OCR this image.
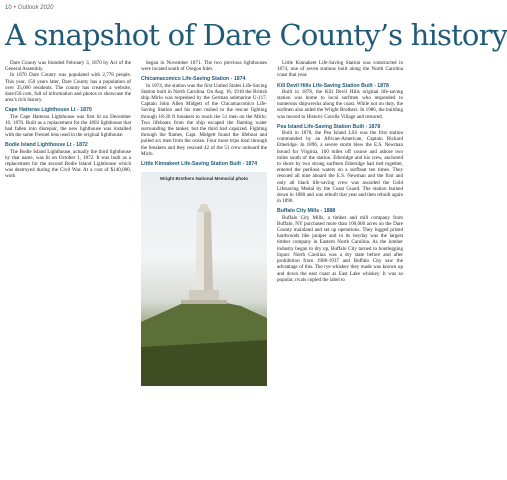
10 • Outlook 2020
A snapshot of Dare County’s history

Dare County was founded February 3, 1870 by Act of the General Assembly.

In 1870 Dare County was populated with 2,778 people. This year, 150 years later, Dare County has a population of over 35,000 residents. The county has created a website, dare150.com, full of information and photos to showcase the area’s rich history.

Cape Hatteras Lighthouse Lt - 1870

The Cape Hatteras Lighthouse was first lit on December 16, 1870. Built as a replacement for the 1803 lighthouse that had fallen into disrepair, the new lighthouse was installed with the same Fresnel lens used in the original lighthouse.

Bodie Island Lighthouse Lt - 1872

The Bodie Island Lighthouse, actually the third lighthouse by that name, was lit on October 1, 1872. It was built as a replacement for the second Bodie Island Lighthouse which was destroyed during the Civil War. At a cost of $140,000, work

began in November 1871. The two previous lighthouses were located south of Oregon Inlet.

Chicamacomico Life-Saving Station - 1874

In 1874, the station was the first United States Life-Saving Station built in North Carolina. On Aug. 16, 1918 the British ship Mirlo was torpedoed by the German submarine U-117. Captain John Allen Midgett of the Chicamacomico Life-Saving Station and his men rushed to the rescue fighting through 18-20 ft breakers to reach the 51 men on the Mirlo. Two lifeboats from the ship escaped the flaming water surrounding the tanker, but the third had capsized. Fighting through the flames, Capt. Midgett found the lifeboat and pulled six men from the ocean. Four more trips total through the breakers and they rescued 42 of the 51 crew onboard the Mirlo.

Little Kinnakeet Life-Saving Station Built - 1874
Wright Brothers National Memorial photo

Little Kinnakeet Life-Saving Station was constructed in 1874, one of seven stations built along the North Carolina coast that year.

Kill Devil Hills Life-Saving Station Built - 1878

Built in 1878, the Kill Devil Hills original life-saving station was home to local surfmen who responded to numerous shipwrecks along the coast. While not on duty, the surfmen also aided the Wright Brothers. In 1986, the building was moved to Historic Corolla Village and restored.

Pea Island Life-Saving Station Built - 1878

Built in 1878, the Pea Island LSS was the first station commanded by an African-American, Captain Richard Etheridge. In 1896, a severe storm blew the E.S. Newman bound for Virginia, 100 miles off course and ashore two miles south of the station. Etheridge and his crew, anchored to shore by two strong surfmen Etheridge had tied together, entered the perilous waters on a surfboat ten times. They rescued all nine aboard the E.S. Newman and the first and only all black life-saving crew was awarded the Gold Lifesaving Medal by the Coast Guard. The station burned down in 1880 and was rebuilt that year and then rebuilt again in 1896.

Buffalo City Mills - 1888

Buffalo City Mills, a timber and mill company from Buffalo, NY purchased more than 100,000 acres on the Dare County mainland and set up operations. They logged prized hardwoods like juniper and in its heyday was the largest timber company in Eastern North Carolina. As the lumber industry began to dry up, Buffalo City turned to bootlegging liquor. North Carolina was a dry state before and after prohibition from 1908-1937 and Buffalo City saw the advantage of this. The rye whiskey they made was known up and down the east coast as East Lake whiskey. It was so popular, rivals copied the label to
